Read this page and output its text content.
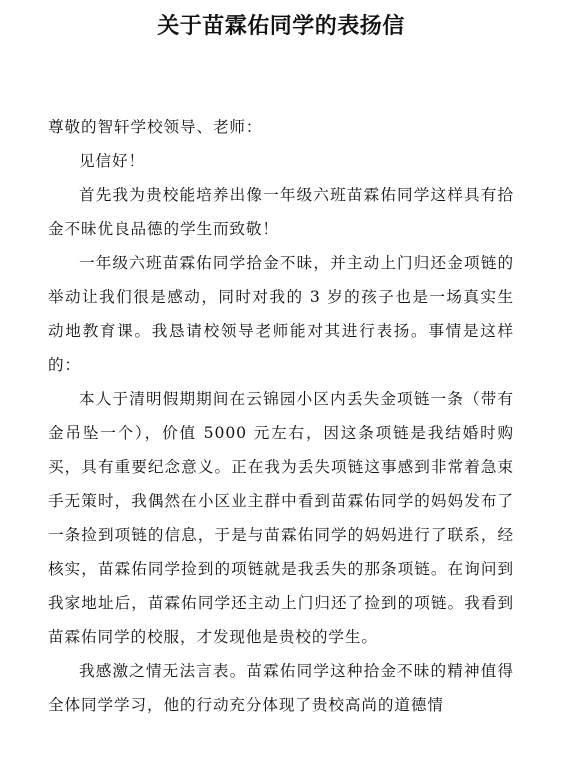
关于苗霖佑同学的表扬信

尊敬的智轩学校领导、老师：

见信好！

首先我为贵校能培养出像一年级六班苗霖佑同学这样具有拾金不昧优良品德的学生而致敬！

一年级六班苗霖佑同学拾金不昧，并主动上门归还金项链的举动让我们很是感动，同时对我的 3 岁的孩子也是一场真实生动地教育课。我恳请校领导老师能对其进行表扬。事情是这样的：

本人于清明假期期间在云锦园小区内丢失金项链一条（带有金吊坠一个），价值 5000 元左右，因这条项链是我结婚时购买，具有重要纪念意义。正在我为丢失项链这事感到非常着急束手无策时，我偶然在小区业主群中看到苗霖佑同学的妈妈发布了一条捡到项链的信息，于是与苗霖佑同学的妈妈进行了联系，经核实，苗霖佑同学捡到的项链就是我丢失的那条项链。在询问到我家地址后，苗霖佑同学还主动上门归还了捡到的项链。我看到苗霖佑同学的校服，才发现他是贵校的学生。

我感激之情无法言表。苗霖佑同学这种拾金不昧的精神值得全体同学学习，他的行动充分体现了贵校高尚的道德情
